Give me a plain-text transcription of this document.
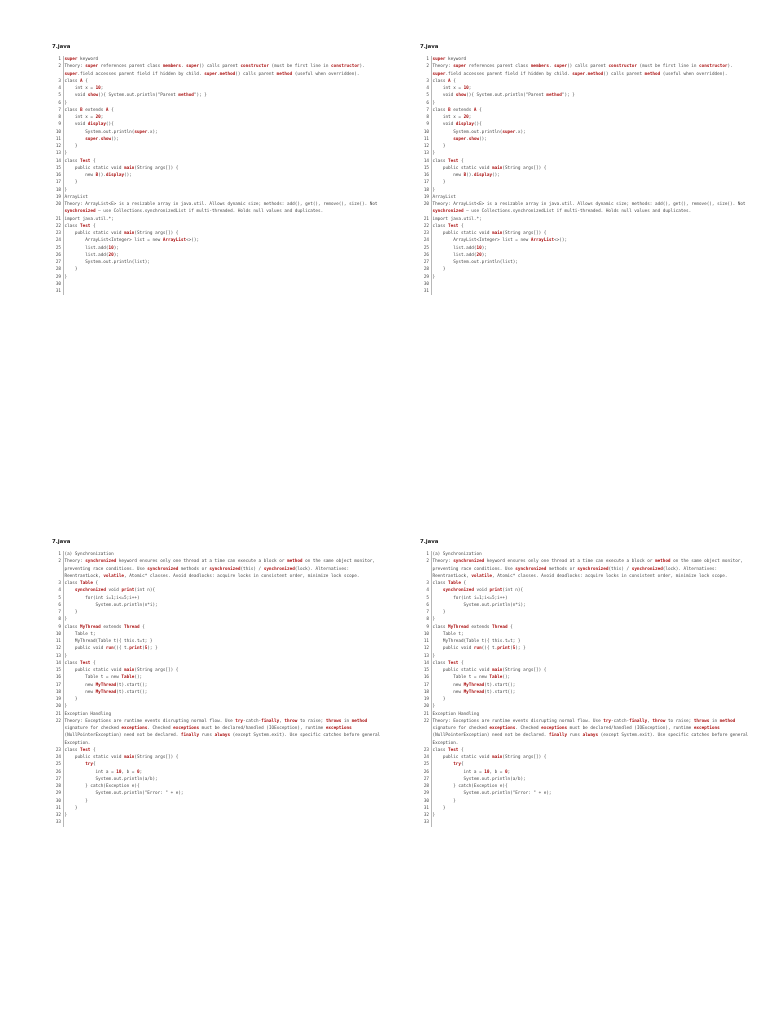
7.java
1 super keyword
2 Theory: super references parent class members. super() calls parent constructor (must be first line in constructor). super.field accesses parent field if hidden by child. super.method() calls parent method (useful when overridden).
3 class A {
4 int x = 10;
5 void show(){ System.out.println("Parent method"); }
6 }
7 class B extends A {
8 int x = 20;
9 void display(){
10 System.out.println(super.x);
11	super.show();
12 }
13 }
14 class Test {
15 public static void main(String args[]) {
16 new B().display();
17 }
18 }
19 ArrayList
20 Theory: ArrayList<E> is a resizable array in java.util. Allows dynamic size; methods: add(), get(), remove(), size(). Not synchronized – use Collections.synchronizedList if multi-threaded. Holds null values and duplicates.
21 import java.util.*;
22 class Test {
23 public static void main(String args[]) {
24 ArrayList<Integer> list = new ArrayList<>();
25 list.add(10);
26 list.add(20);
27 System.out.println(list);
28 }
29 }
30
31
7.java
1 super keyword
2 Theory: super references parent class members. super() calls parent constructor (must be first line in constructor). super.field accesses parent field if hidden by child. super.method() calls parent method (useful when overridden).
3 class A {
4 int x = 10;
5 void show(){ System.out.println("Parent method"); }
6 }
7 class B extends A {
8 int x = 20;
9 void display(){
10 System.out.println(super.x);
11	super.show();
12 }
13 }
14 class Test {
15 public static void main(String args[]) {
16 new B().display();
17 }
18 }
19 ArrayList
20 Theory: ArrayList<E> is a resizable array in java.util. Allows dynamic size; methods: add(), get(), remove(), size(). Not synchronized – use Collections.synchronizedList if multi-threaded. Holds null values and duplicates.
21 import java.util.*;
22 class Test {
23 public static void main(String args[]) {
24 ArrayList<Integer> list = new ArrayList<>();
25 list.add(10);
26 list.add(20);
27 System.out.println(list);
28 }
29 }
30
31
7.java
1 (a) Synchronization
2 Theory: synchronized keyword ensures only one thread at a time can execute a block or method on the same object monitor, preventing race conditions. Use synchronized methods or synchronized(this) / synchronized(lock). Alternatives: ReentrantLock, volatile, Atomic* classes. Avoid deadlocks: acquire locks in consistent order, minimize lock scope.
3 class Table {
4	synchronized void print(int n){
5 for(int i=1;i<=5;i++)
6 System.out.println(n*i);
7 }
8 }
9 class MyThread extends Thread {
10 Table t;
11 MyThread(Table t){ this.t=t; }
12 public void run(){ t.print(5); }
13 }
14 class Test {
15 public static void main(String args[]) {
16 Table t = new Table();
17 new MyThread(t).start();
18 new MyThread(t).start();
19 }
20 }
21 Exception Handling
22 Theory: Exceptions are runtime events disrupting normal flow. Use try-catch-finally, throw to raise; throws in method signature for checked exceptions. Checked exceptions must be declared/handled (IOException), runtime exceptions (NullPointerException) need not be declared. finally runs always (except System.exit). Use specific catches before general Exception.
23 class Test {
24 public static void main(String args[]) {
25	try{
26 int a = 10, b = 0;
27 System.out.println(a/b);
28 } catch(Exception e){
29 System.out.println("Error: " + e);
30 }
31 }
32 }
33
7.java
1 (a) Synchronization
2 Theory: synchronized keyword ensures only one thread at a time can execute a block or method on the same object monitor, preventing race conditions. Use synchronized methods or synchronized(this) / synchronized(lock). Alternatives: ReentrantLock, volatile, Atomic* classes. Avoid deadlocks: acquire locks in consistent order, minimize lock scope.
3 class Table {
4	synchronized void print(int n){
5 for(int i=1;i<=5;i++)
6 System.out.println(n*i);
7 }
8 }
9 class MyThread extends Thread {
10 Table t;
11 MyThread(Table t){ this.t=t; }
12 public void run(){ t.print(5); }
13 }
14 class Test {
15 public static void main(String args[]) {
16 Table t = new Table();
17 new MyThread(t).start();
18 new MyThread(t).start();
19 }
20 }
21 Exception Handling
22 Theory: Exceptions are runtime events disrupting normal flow. Use try-catch-finally, throw to raise; throws in method signature for checked exceptions. Checked exceptions must be declared/handled (IOException), runtime exceptions (NullPointerException) need not be declared. finally runs always (except System.exit). Use specific catches before general Exception.
23 class Test {
24 public static void main(String args[]) {
25	try{
26 int a = 10, b = 0;
27 System.out.println(a/b);
28 } catch(Exception e){
29 System.out.println("Error: " + e);
30 }
31 }
32 }
33
